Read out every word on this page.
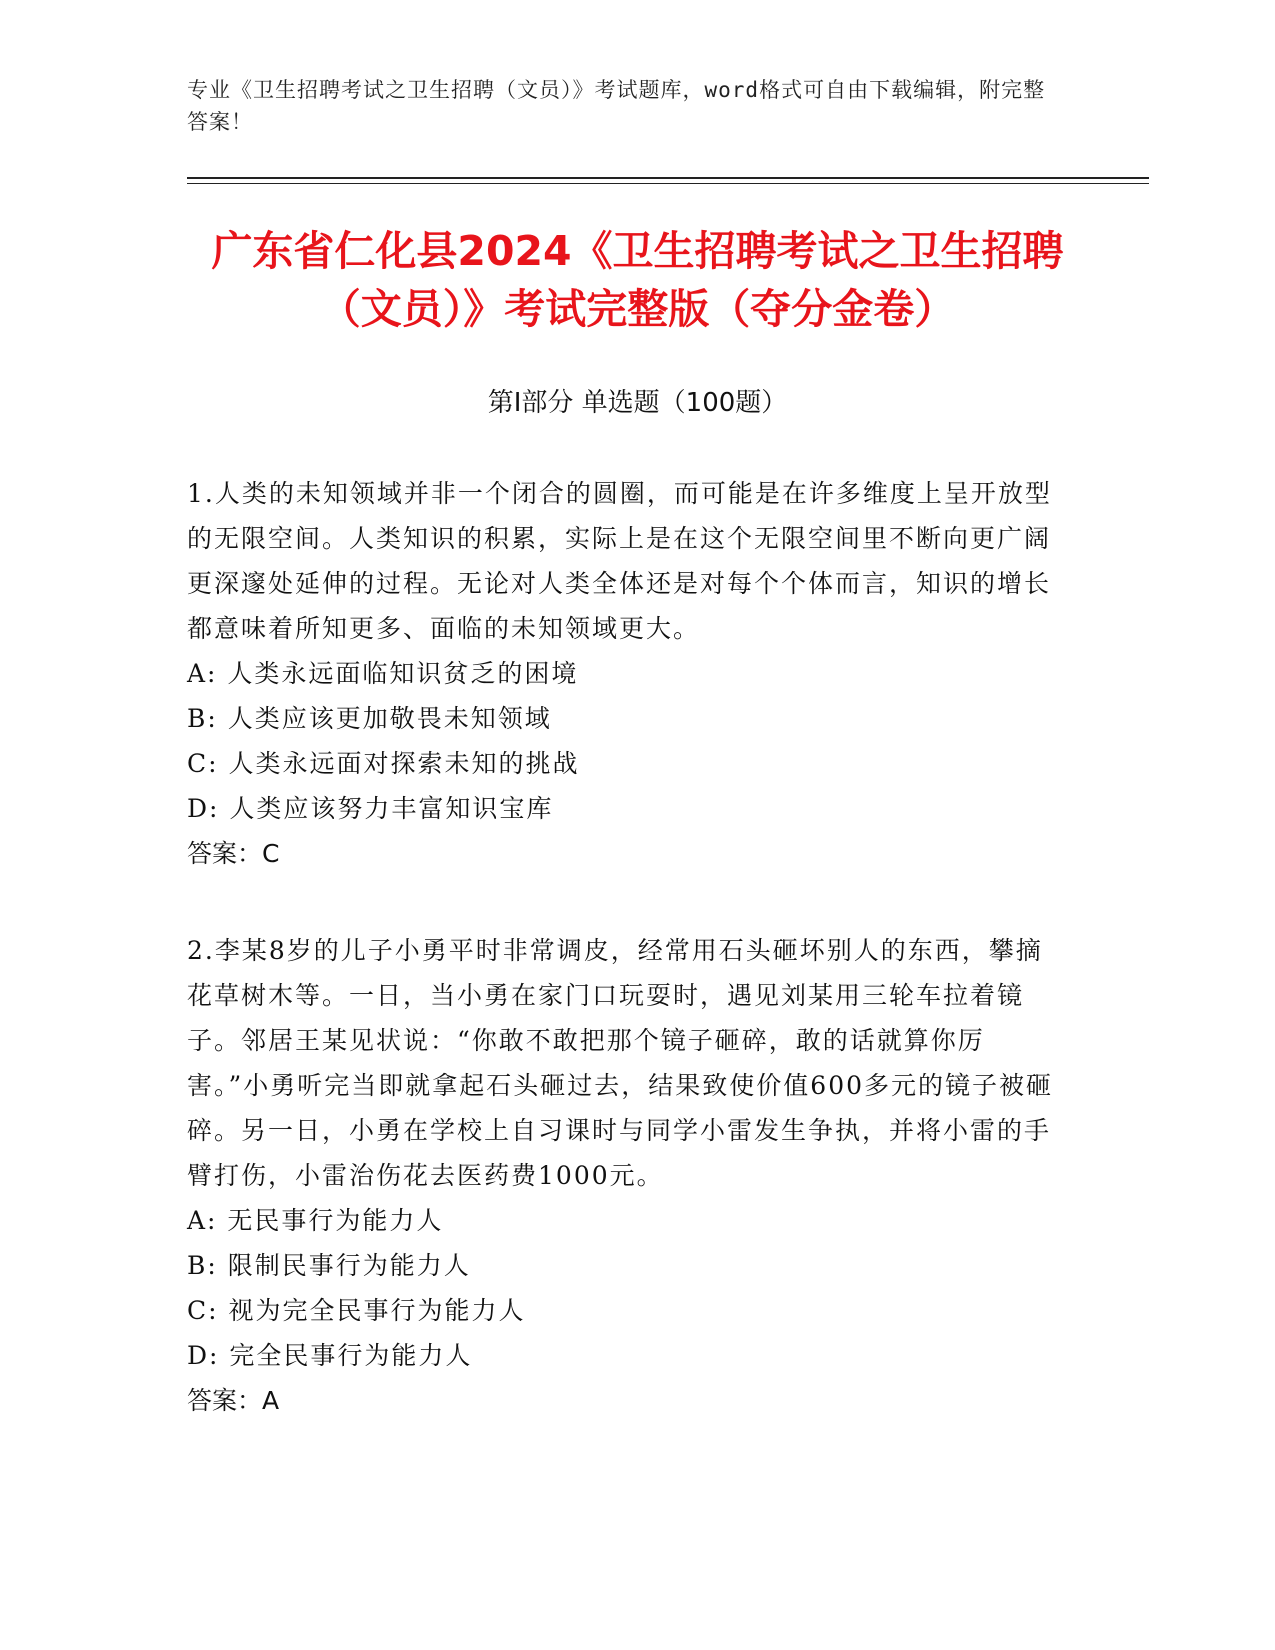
专业《卫生招聘考试之卫生招聘（文员）》考试题库，word格式可自由下载编辑，附完整答案！
广东省仁化县2024《卫生招聘考试之卫生招聘（文员）》考试完整版（夺分金卷）
第Ⅰ部分 单选题（100题）

1.人类的未知领域并非一个闭合的圆圈，而可能是在许多维度上呈开放型的无限空间。人类知识的积累，实际上是在这个无限空间里不断向更广阔更深邃处延伸的过程。无论对人类全体还是对每个个体而言，知识的增长都意味着所知更多、面临的未知领域更大。

A: 人类永远面临知识贫乏的困境

B: 人类应该更加敬畏未知领域

C: 人类永远面对探索未知的挑战

D: 人类应该努力丰富知识宝库

答案：C

2.李某8岁的儿子小勇平时非常调皮，经常用石头砸坏别人的东西，攀摘花草树木等。一日，当小勇在家门口玩耍时，遇见刘某用三轮车拉着镜子。邻居王某见状说：“你敢不敢把那个镜子砸碎，敢的话就算你厉害。”小勇听完当即就拿起石头砸过去，结果致使价值600多元的镜子被砸碎。另一日，小勇在学校上自习课时与同学小雷发生争执，并将小雷的手臂打伤，小雷治伤花去医药费1000元。

A: 无民事行为能力人

B: 限制民事行为能力人

C: 视为完全民事行为能力人

D: 完全民事行为能力人

答案：A
